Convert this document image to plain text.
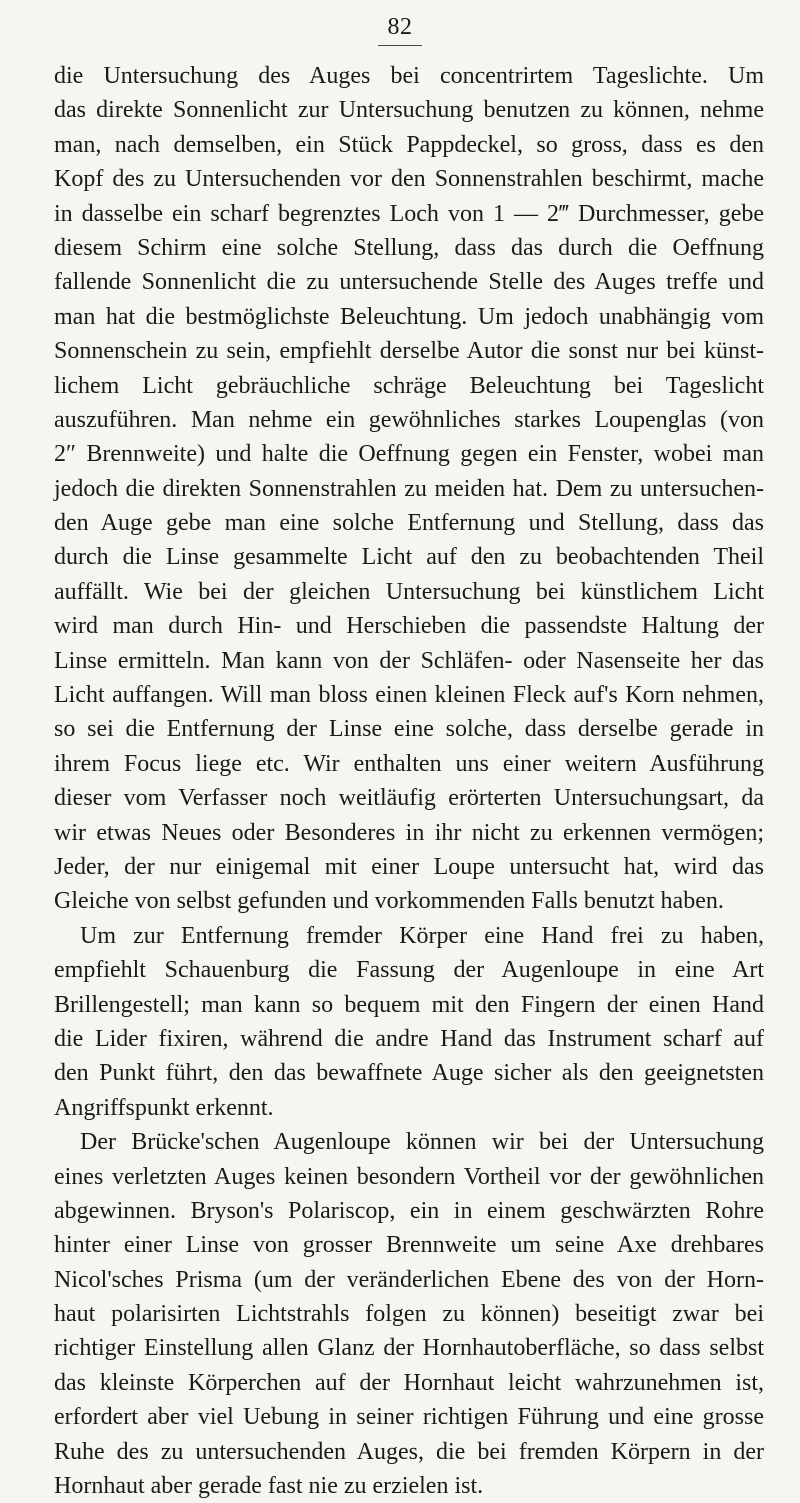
82
die Untersuchung des Auges bei concentrirtem Tageslichte. Um
das direkte Sonnenlicht zur Untersuchung benutzen zu können, nehme
man, nach demselben, ein Stück Pappdeckel, so gross, dass es den
Kopf des zu Untersuchenden vor den Sonnenstrahlen beschirmt, mache
in dasselbe ein scharf begrenztes Loch von 1 — 2‴ Durchmesser, gebe
diesem Schirm eine solche Stellung, dass das durch die Oeffnung
fallende Sonnenlicht die zu untersuchende Stelle des Auges treffe und
man hat die bestmöglichste Beleuchtung. Um jedoch unabhängig vom
Sonnenschein zu sein, empfiehlt derselbe Autor die sonst nur bei künst-
lichem Licht gebräuchliche schräge Beleuchtung bei Tageslicht
auszuführen. Man nehme ein gewöhnliches starkes Loupenglas (von
2″ Brennweite) und halte die Oeffnung gegen ein Fenster, wobei man
jedoch die direkten Sonnenstrahlen zu meiden hat. Dem zu untersuchen-
den Auge gebe man eine solche Entfernung und Stellung, dass das
durch die Linse gesammelte Licht auf den zu beobachtenden Theil
auffällt. Wie bei der gleichen Untersuchung bei künstlichem Licht
wird man durch Hin- und Herschieben die passendste Haltung der
Linse ermitteln. Man kann von der Schläfen- oder Nasenseite her das
Licht auffangen. Will man bloss einen kleinen Fleck auf's Korn nehmen,
so sei die Entfernung der Linse eine solche, dass derselbe gerade in
ihrem Focus liege etc. Wir enthalten uns einer weitern Ausführung
dieser vom Verfasser noch weitläufig erörterten Untersuchungsart, da
wir etwas Neues oder Besonderes in ihr nicht zu erkennen vermögen;
Jeder, der nur einigemal mit einer Loupe untersucht hat, wird das
Gleiche von selbst gefunden und vorkommenden Falls benutzt haben.
Um zur Entfernung fremder Körper eine Hand frei zu haben,
empfiehlt Schauenburg die Fassung der Augenloupe in eine Art
Brillengestell; man kann so bequem mit den Fingern der einen Hand
die Lider fixiren, während die andre Hand das Instrument scharf auf
den Punkt führt, den das bewaffnete Auge sicher als den geeignetsten
Angriffspunkt erkennt.
Der Brücke'schen Augenloupe können wir bei der Untersuchung
eines verletzten Auges keinen besondern Vortheil vor der gewöhnlichen
abgewinnen. Bryson's Polariscop, ein in einem geschwärzten Rohre
hinter einer Linse von grosser Brennweite um seine Axe drehbares
Nicol'sches Prisma (um der veränderlichen Ebene des von der Horn-
haut polarisirten Lichtstrahls folgen zu können) beseitigt zwar bei
richtiger Einstellung allen Glanz der Hornhautoberfläche, so dass selbst
das kleinste Körperchen auf der Hornhaut leicht wahrzunehmen ist,
erfordert aber viel Uebung in seiner richtigen Führung und eine grosse
Ruhe des zu untersuchenden Auges, die bei fremden Körpern in der
Hornhaut aber gerade fast nie zu erzielen ist.
